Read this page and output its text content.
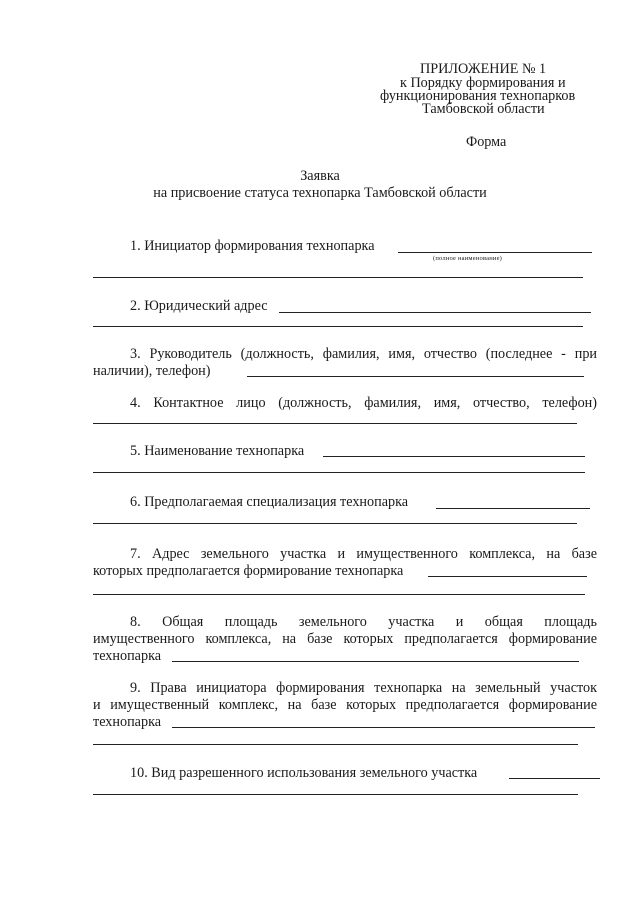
ПРИЛОЖЕНИЕ № 1
к Порядку формирования и
функционирования технопарков
Тамбовской области
Форма
Заявка
на присвоение статуса технопарка Тамбовской области
1. Инициатор формирования технопарка
(полное наименование)
2. Юридический адрес
3. Руководитель (должность, фамилия, имя, отчество (последнее - при
наличии), телефон)
4. Контактное лицо (должность, фамилия, имя, отчество, телефон)
5. Наименование технопарка
6. Предполагаемая специализация технопарка
7. Адрес земельного участка и имущественного комплекса, на базе
которых предполагается формирование технопарка
8. Общая площадь земельного участка и общая площадь
имущественного комплекса, на базе которых предполагается формирование
технопарка
9. Права инициатора формирования технопарка на земельный участок
и имущественный комплекс, на базе которых предполагается формирование
технопарка
10. Вид разрешенного использования земельного участка
